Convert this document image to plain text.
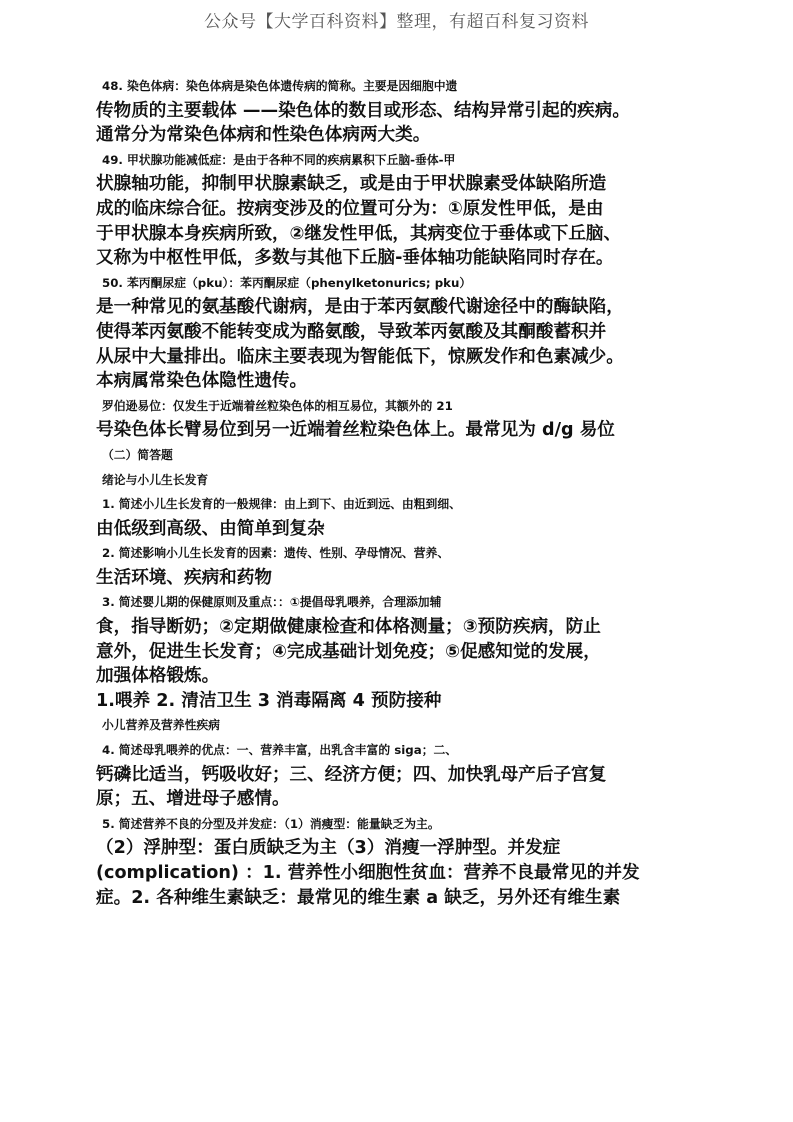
公众号【大学百科资料】整理，有超百科复习资料
48. 染色体病：染色体病是染色体遗传病的简称。主要是因细胞中遗
传物质的主要载体 ——染色体的数目或形态、结构异常引起的疾病。
通常分为常染色体病和性染色体病两大类。
49. 甲状腺功能减低症：是由于各种不同的疾病累积下丘脑-垂体-甲
状腺轴功能，抑制甲状腺素缺乏，或是由于甲状腺素受体缺陷所造
成的临床综合征。按病变涉及的位置可分为：①原发性甲低，是由
于甲状腺本身疾病所致，②继发性甲低，其病变位于垂体或下丘脑、
又称为中枢性甲低，多数与其他下丘脑-垂体轴功能缺陷同时存在。
50. 苯丙酮尿症（pku）：苯丙酮尿症（phenylketonurics; pku）
是一种常见的氨基酸代谢病，是由于苯丙氨酸代谢途径中的酶缺陷，
使得苯丙氨酸不能转变成为酪氨酸，导致苯丙氨酸及其酮酸蓄积并
从尿中大量排出。临床主要表现为智能低下，惊厥发作和色素减少。
本病属常染色体隐性遗传。
罗伯逊易位：仅发生于近端着丝粒染色体的相互易位，其额外的 21
号染色体长臂易位到另一近端着丝粒染色体上。最常见为 d/g 易位
（二）简答题
绪论与小儿生长发育
1. 简述小儿生长发育的一般规律：由上到下、由近到远、由粗到细、
由低级到高级、由简单到复杂
2. 简述影响小儿生长发育的因素：遗传、性别、孕母情况、营养、
生活环境、疾病和药物
3. 简述婴儿期的保健原则及重点：：①提倡母乳喂养，合理添加辅
食，指导断奶；②定期做健康检查和体格测量；③预防疾病，防止
意外，促进生长发育；④完成基础计划免疫；⑤促感知觉的发展，
加强体格锻炼。
1.喂养 2. 清洁卫生 3 消毒隔离 4 预防接种
小儿营养及营养性疾病
4. 简述母乳喂养的优点：一、营养丰富，出乳含丰富的 siga；二、
钙磷比适当，钙吸收好；三、经济方便；四、加快乳母产后子宫复
原；五、增进母子感情。
5. 简述营养不良的分型及并发症：（1）消瘦型：能量缺乏为主。
（2）浮肿型：蛋白质缺乏为主（3）消瘦一浮肿型。并发症
(complication) ：1. 营养性小细胞性贫血：营养不良最常见的并发
症。2. 各种维生素缺乏：最常见的维生素 a 缺乏，另外还有维生素
